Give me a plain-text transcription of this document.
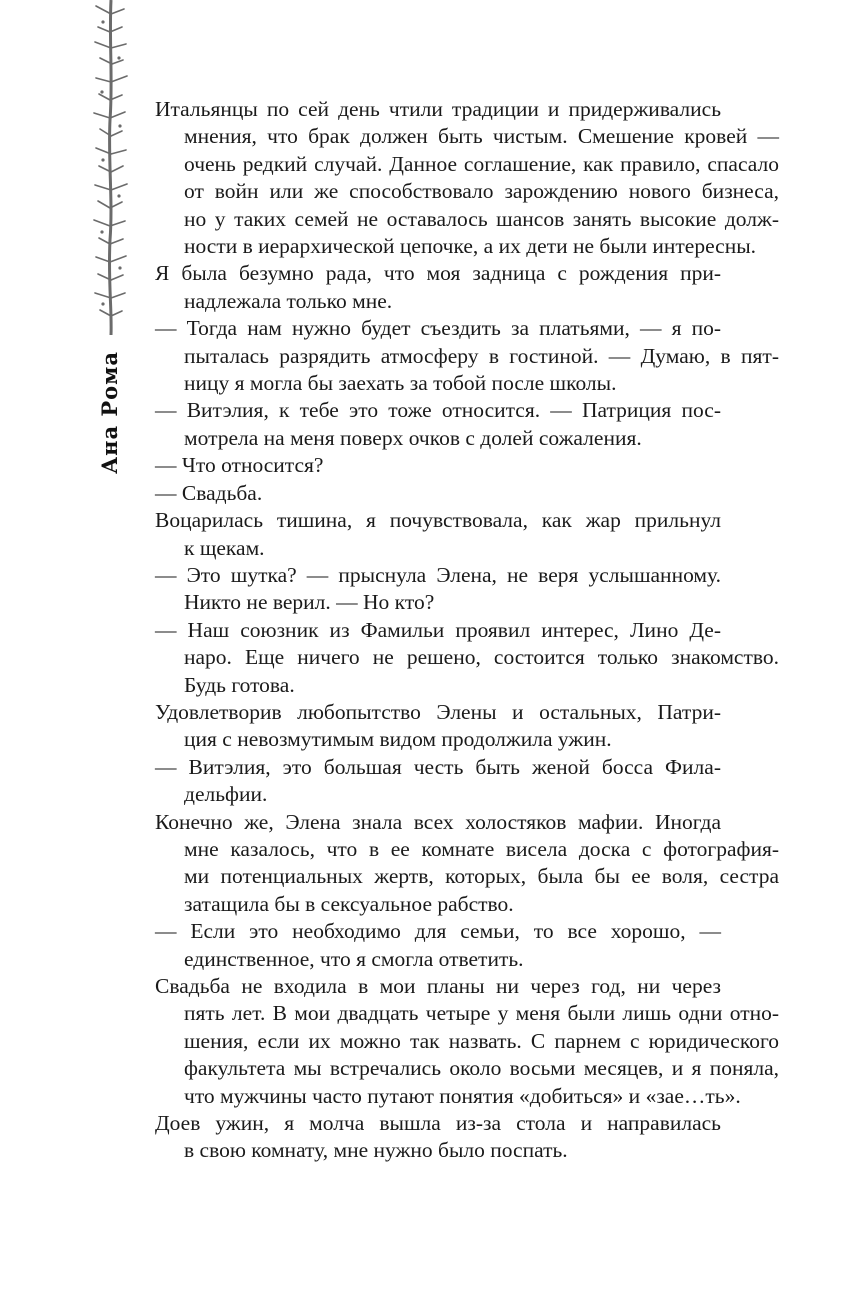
Ана Рома

Итальянцы по сей день чтили традиции и придерживались
мнения, что брак должен быть чистым. Смешение кровей —
очень редкий случай. Данное соглашение, как правило, спасало
от войн или же способствовало зарождению нового бизнеса,
но у таких семей не оставалось шансов занять высокие долж-
ности в иерархической цепочке, а их дети не были интересны.

Я была безумно рада, что моя задница с рождения при-
надлежала только мне.

— Тогда нам нужно будет съездить за платьями, — я по-
пыталась разрядить атмосферу в гостиной. — Думаю, в пят-
ницу я могла бы заехать за тобой после школы.

— Витэлия, к тебе это тоже относится. — Патриция пос-
мотрела на меня поверх очков с долей сожаления.

— Что относится?

— Свадьба.

Воцарилась тишина, я почувствовала, как жар прильнул
к щекам.

— Это шутка? — прыснула Элена, не веря услышанному.
Никто не верил. — Но кто?

— Наш союзник из Фамильи проявил интерес, Лино Де-
наро. Еще ничего не решено, состоится только знакомство.
Будь готова.

Удовлетворив любопытство Элены и остальных, Патри-
ция с невозмутимым видом продолжила ужин.

— Витэлия, это большая честь быть женой босса Фила-
дельфии.

Конечно же, Элена знала всех холостяков мафии. Иногда
мне казалось, что в ее комнате висела доска с фотография-
ми потенциальных жертв, которых, была бы ее воля, сестра
затащила бы в сексуальное рабство.

— Если это необходимо для семьи, то все хорошо, —
единственное, что я смогла ответить.

Свадьба не входила в мои планы ни через год, ни через
пять лет. В мои двадцать четыре у меня были лишь одни отно-
шения, если их можно так назвать. С парнем с юридического
факультета мы встречались около восьми месяцев, и я поняла,
что мужчины часто путают понятия «добиться» и «зае…ть».

Доев ужин, я молча вышла из-за стола и направилась
в свою комнату, мне нужно было поспать.
